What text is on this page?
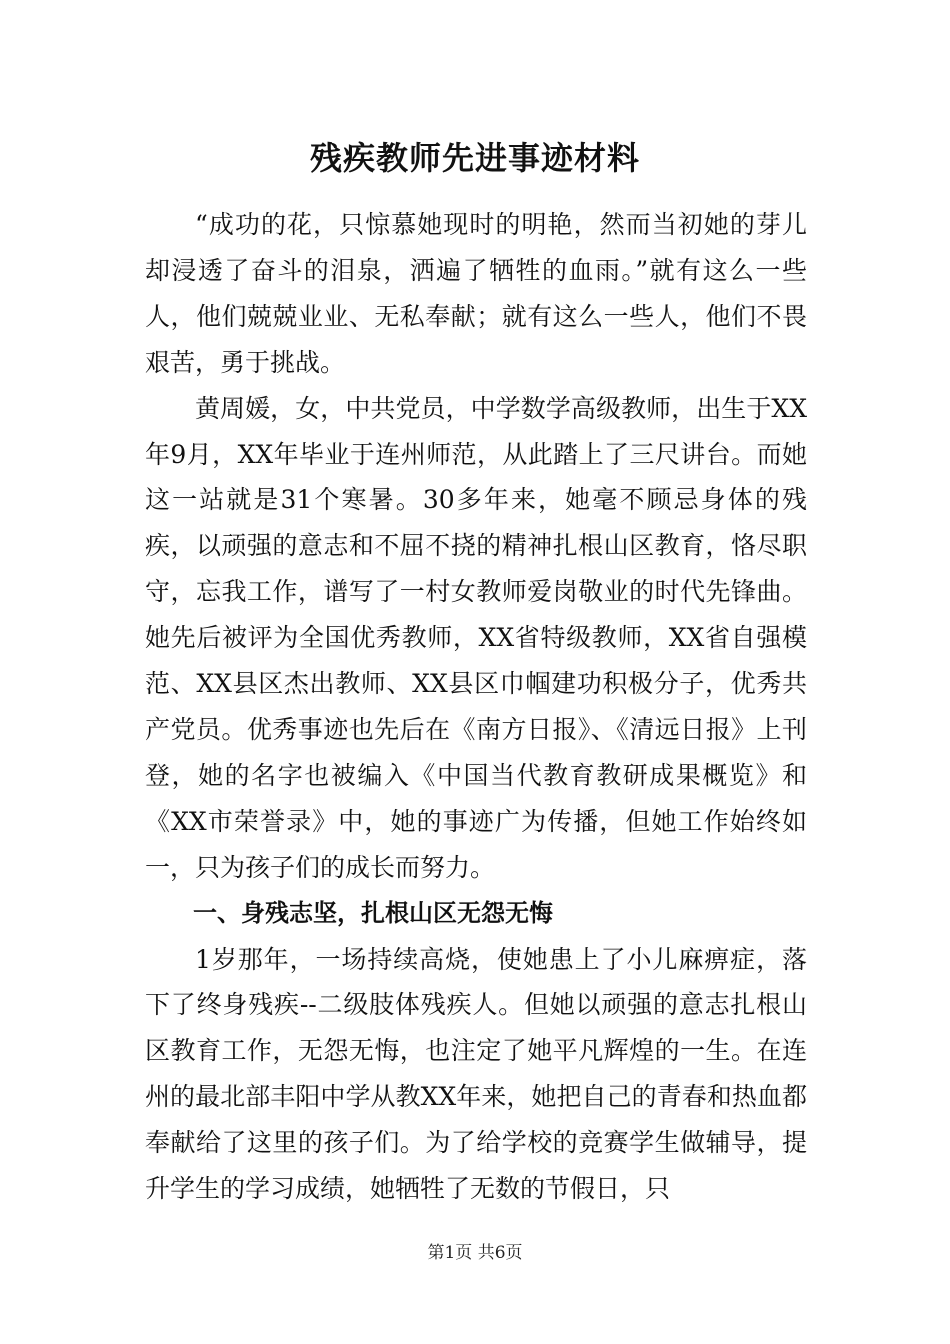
残疾教师先进事迹材料

“成功的花，只惊慕她现时的明艳，然而当初她的芽儿却浸透了奋斗的泪泉，洒遍了牺牲的血雨。”就有这么一些人，他们兢兢业业、无私奉献；就有这么一些人，他们不畏艰苦，勇于挑战。

黄周媛，女，中共党员，中学数学高级教师，出生于XX年9月，XX年毕业于连州师范，从此踏上了三尺讲台。而她这一站就是31个寒暑。30多年来，她毫不顾忌身体的残疾，以顽强的意志和不屈不挠的精神扎根山区教育，恪尽职守，忘我工作，谱写了一村女教师爱岗敬业的时代先锋曲。她先后被评为全国优秀教师，XX省特级教师，XX省自强模范、XX县区杰出教师、XX县区巾帼建功积极分子，优秀共产党员。优秀事迹也先后在《南方日报》、《清远日报》上刊登，她的名字也被编入《中国当代教育教研成果概览》和《XX市荣誉录》中，她的事迹广为传播，但她工作始终如一，只为孩子们的成长而努力。

一、身残志坚，扎根山区无怨无悔

1岁那年，一场持续高烧，使她患上了小儿麻痹症，落下了终身残疾--二级肢体残疾人。但她以顽强的意志扎根山区教育工作，无怨无悔，也注定了她平凡辉煌的一生。在连州的最北部丰阳中学从教XX年来，她把自己的青春和热血都奉献给了这里的孩子们。为了给学校的竞赛学生做辅导，提升学生的学习成绩，她牺牲了无数的节假日，只

第1页 共6页
